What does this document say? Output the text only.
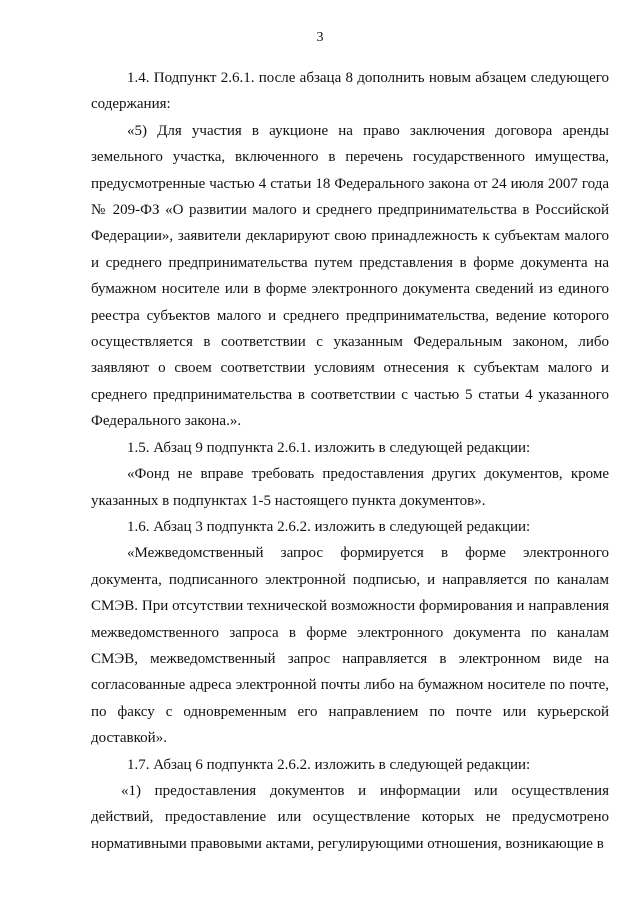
3

1.4. Подпункт 2.6.1. после абзаца 8 дополнить новым абзацем следующего содержания:

«5) Для участия в аукционе на право заключения договора аренды земельного участка, включенного в перечень государственного имущества, предусмотренные частью 4 статьи 18 Федерального закона от 24 июля 2007 года № 209-ФЗ «О развитии малого и среднего предпринимательства в Российской Федерации», заявители декларируют свою принадлежность к субъектам малого и среднего предпринимательства путем представления в форме документа на бумажном носителе или в форме электронного документа сведений из единого реестра субъектов малого и среднего предпринимательства, ведение которого осуществляется в соответствии с указанным Федеральным законом, либо заявляют о своем соответствии условиям отнесения к субъектам малого и среднего предпринимательства в соответствии с частью 5 статьи 4 указанного Федерального закона.».

1.5. Абзац 9 подпункта 2.6.1. изложить в следующей редакции:

«Фонд не вправе требовать предоставления других документов, кроме указанных в подпунктах 1-5 настоящего пункта документов».

1.6. Абзац 3 подпункта 2.6.2. изложить в следующей редакции:

«Межведомственный запрос формируется в форме электронного документа, подписанного электронной подписью, и направляется по каналам СМЭВ. При отсутствии технической возможности формирования и направления межведомственного запроса в форме электронного документа по каналам СМЭВ, межведомственный запрос направляется в электронном виде на согласованные адреса электронной почты либо на бумажном носителе по почте, по факсу с одновременным его направлением по почте или курьерской доставкой».

1.7. Абзац 6 подпункта 2.6.2. изложить в следующей редакции:

«1) предоставления документов и информации или осуществления действий, предоставление или осуществление которых не предусмотрено нормативными правовыми актами, регулирующими отношения, возникающие в
